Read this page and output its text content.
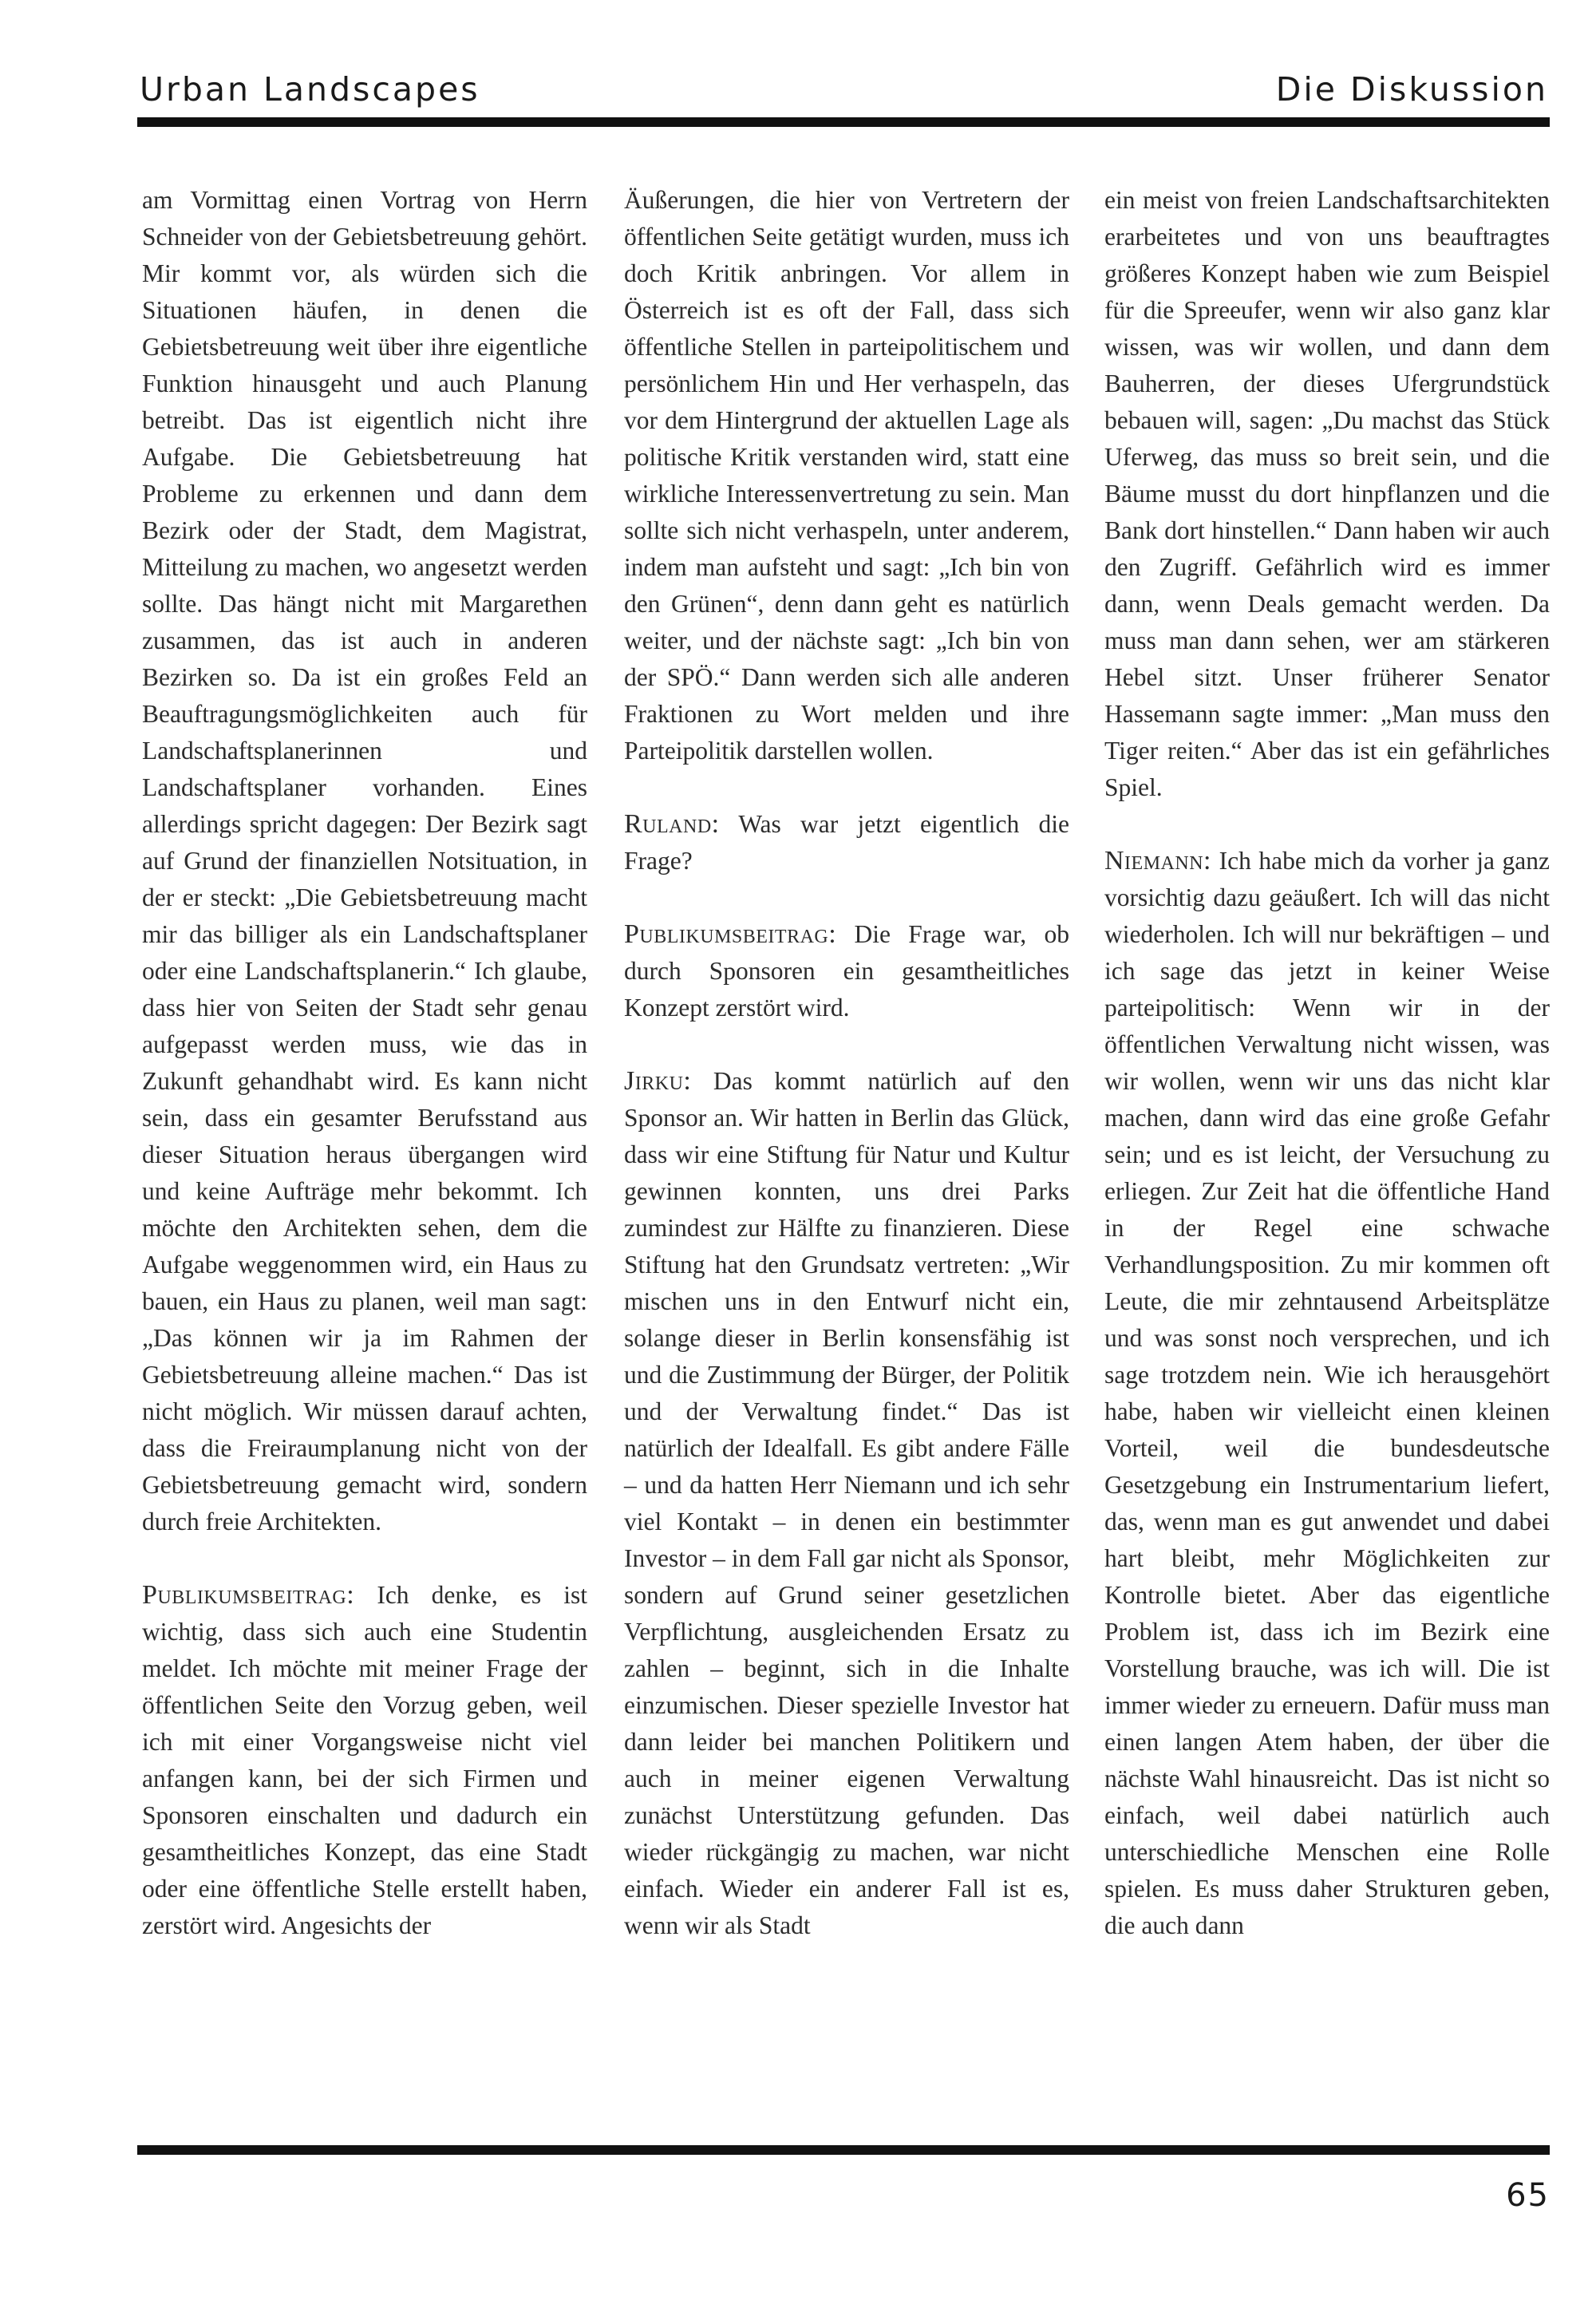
Urban Landscapes	Die Diskussion

am Vormittag einen Vortrag von Herrn Schneider von der Gebietsbetreuung gehört. Mir kommt vor, als würden sich die Situationen häufen, in denen die Gebietsbetreuung weit über ihre eigentliche Funktion hinausgeht und auch Planung betreibt. Das ist eigentlich nicht ihre Aufgabe. Die Gebietsbetreuung hat Probleme zu erkennen und dann dem Bezirk oder der Stadt, dem Magistrat, Mitteilung zu machen, wo angesetzt werden sollte. Das hängt nicht mit Margarethen zusammen, das ist auch in anderen Bezirken so. Da ist ein großes Feld an Beauftragungsmöglichkeiten auch für Landschaftsplanerinnen und Landschaftsplaner vorhanden. Eines allerdings spricht dagegen: Der Bezirk sagt auf Grund der finanziellen Notsituation, in der er steckt: „Die Gebietsbetreuung macht mir das billiger als ein Landschaftsplaner oder eine Landschaftsplanerin.“ Ich glaube, dass hier von Seiten der Stadt sehr genau aufgepasst werden muss, wie das in Zukunft gehandhabt wird. Es kann nicht sein, dass ein gesamter Berufsstand aus dieser Situation heraus übergangen wird und keine Aufträge mehr bekommt. Ich möchte den Architekten sehen, dem die Aufgabe weggenommen wird, ein Haus zu bauen, ein Haus zu planen, weil man sagt: „Das können wir ja im Rahmen der Gebietsbetreuung alleine machen.“ Das ist nicht möglich. Wir müssen darauf achten, dass die Freiraumplanung nicht von der Gebietsbetreuung gemacht wird, sondern durch freie Architekten.

Publikumsbeitrag: Ich denke, es ist wichtig, dass sich auch eine Studentin meldet. Ich möchte mit meiner Frage der öffentlichen Seite den Vorzug geben, weil ich mit einer Vorgangsweise nicht viel anfangen kann, bei der sich Firmen und Sponsoren einschalten und dadurch ein gesamtheitliches Konzept, das eine Stadt oder eine öffentliche Stelle erstellt haben, zerstört wird. Angesichts der

Äußerungen, die hier von Vertretern der öffentlichen Seite getätigt wurden, muss ich doch Kritik anbringen. Vor allem in Österreich ist es oft der Fall, dass sich öffentliche Stellen in parteipolitischem und persönlichem Hin und Her verhaspeln, das vor dem Hintergrund der aktuellen Lage als politische Kritik verstanden wird, statt eine wirkliche Interessenvertretung zu sein. Man sollte sich nicht verhaspeln, unter anderem, indem man aufsteht und sagt: „Ich bin von den Grünen“, denn dann geht es natürlich weiter, und der nächste sagt: „Ich bin von der SPÖ.“ Dann werden sich alle anderen Fraktionen zu Wort melden und ihre Parteipolitik darstellen wollen.

Ruland: Was war jetzt eigentlich die Frage?

Publikumsbeitrag: Die Frage war, ob durch Sponsoren ein gesamtheitliches Konzept zerstört wird.

Jirku: Das kommt natürlich auf den Sponsor an. Wir hatten in Berlin das Glück, dass wir eine Stiftung für Natur und Kultur gewinnen konnten, uns drei Parks zumindest zur Hälfte zu finanzieren. Diese Stiftung hat den Grundsatz vertreten: „Wir mischen uns in den Entwurf nicht ein, solange dieser in Berlin konsensfähig ist und die Zustimmung der Bürger, der Politik und der Verwaltung findet.“ Das ist natürlich der Idealfall. Es gibt andere Fälle – und da hatten Herr Niemann und ich sehr viel Kontakt – in denen ein bestimmter Investor – in dem Fall gar nicht als Sponsor, sondern auf Grund seiner gesetzlichen Verpflichtung, ausgleichenden Ersatz zu zahlen – beginnt, sich in die Inhalte einzumischen. Dieser spezielle Investor hat dann leider bei manchen Politikern und auch in meiner eigenen Verwaltung zunächst Unterstützung gefunden. Das wieder rückgängig zu machen, war nicht einfach. Wieder ein anderer Fall ist es, wenn wir als Stadt

ein meist von freien Landschaftsarchitekten erarbeitetes und von uns beauftragtes größeres Konzept haben wie zum Beispiel für die Spreeufer, wenn wir also ganz klar wissen, was wir wollen, und dann dem Bauherren, der dieses Ufergrundstück bebauen will, sagen: „Du machst das Stück Uferweg, das muss so breit sein, und die Bäume musst du dort hinpflanzen und die Bank dort hinstellen.“ Dann haben wir auch den Zugriff. Gefährlich wird es immer dann, wenn Deals gemacht werden. Da muss man dann sehen, wer am stärkeren Hebel sitzt. Unser früherer Senator Hassemann sagte immer: „Man muss den Tiger reiten.“ Aber das ist ein gefährliches Spiel.

Niemann: Ich habe mich da vorher ja ganz vorsichtig dazu geäußert. Ich will das nicht wiederholen. Ich will nur bekräftigen – und ich sage das jetzt in keiner Weise parteipolitisch: Wenn wir in der öffentlichen Verwaltung nicht wissen, was wir wollen, wenn wir uns das nicht klar machen, dann wird das eine große Gefahr sein; und es ist leicht, der Versuchung zu erliegen. Zur Zeit hat die öffentliche Hand in der Regel eine schwache Verhandlungsposition. Zu mir kommen oft Leute, die mir zehntausend Arbeitsplätze und was sonst noch versprechen, und ich sage trotzdem nein. Wie ich herausgehört habe, haben wir vielleicht einen kleinen Vorteil, weil die bundesdeutsche Gesetzgebung ein Instrumentarium liefert, das, wenn man es gut anwendet und dabei hart bleibt, mehr Möglichkeiten zur Kontrolle bietet. Aber das eigentliche Problem ist, dass ich im Bezirk eine Vorstellung brauche, was ich will. Die ist immer wieder zu erneuern. Dafür muss man einen langen Atem haben, der über die nächste Wahl hinausreicht. Das ist nicht so einfach, weil dabei natürlich auch unterschiedliche Menschen eine Rolle spielen. Es muss daher Strukturen geben, die auch dann

65
